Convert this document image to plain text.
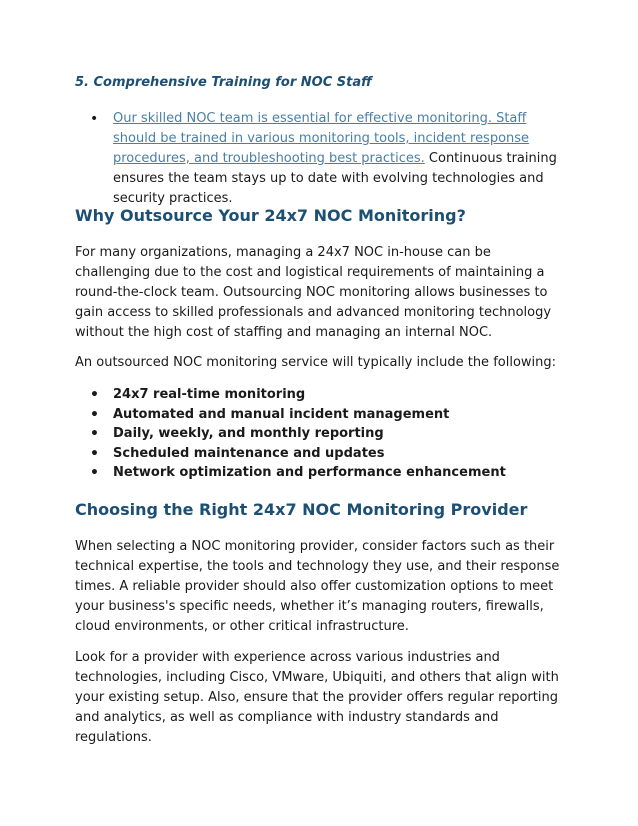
5. Comprehensive Training for NOC Staff
• Our skilled NOC team is essential for effective monitoring. Staff should be trained in various monitoring tools, incident response procedures, and troubleshooting best practices. Continuous training ensures the team stays up to date with evolving technologies and security practices.
Why Outsource Your 24x7 NOC Monitoring?

For many organizations, managing a 24x7 NOC in-house can be challenging due to the cost and logistical requirements of maintaining a round-the-clock team. Outsourcing NOC monitoring allows businesses to gain access to skilled professionals and advanced monitoring technology without the high cost of staffing and managing an internal NOC.

An outsourced NOC monitoring service will typically include the following:

• 24x7 real-time monitoring
• Automated and manual incident management
• Daily, weekly, and monthly reporting
• Scheduled maintenance and updates
• Network optimization and performance enhancement
Choosing the Right 24x7 NOC Monitoring Provider

When selecting a NOC monitoring provider, consider factors such as their technical expertise, the tools and technology they use, and their response times. A reliable provider should also offer customization options to meet your business's specific needs, whether it’s managing routers, firewalls, cloud environments, or other critical infrastructure.

Look for a provider with experience across various industries and technologies, including Cisco, VMware, Ubiquiti, and others that align with your existing setup. Also, ensure that the provider offers regular reporting and analytics, as well as compliance with industry standards and regulations.
